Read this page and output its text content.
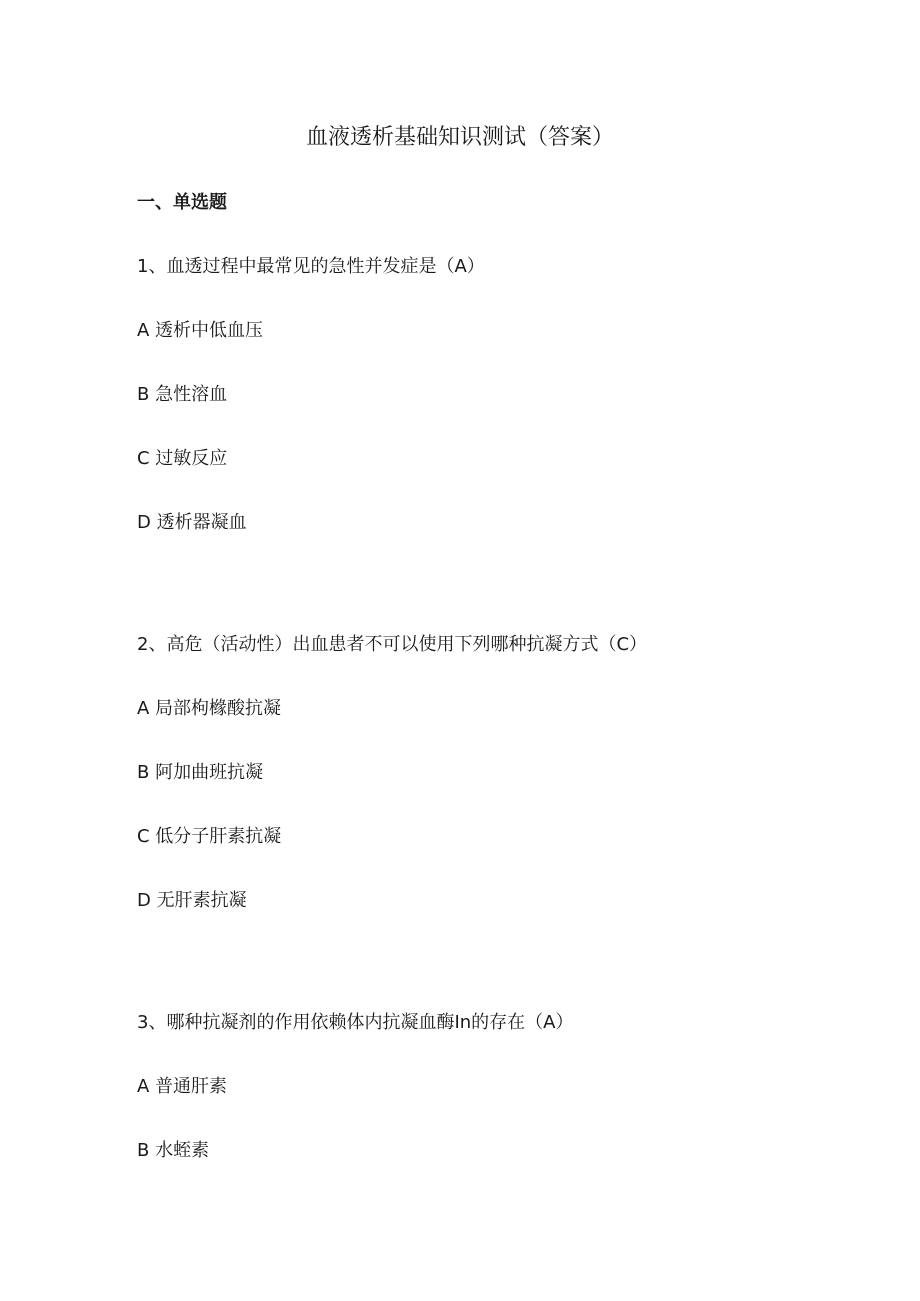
血液透析基础知识测试（答案）
一、单选题
1、血透过程中最常见的急性并发症是（A）
A 透析中低血压
B 急性溶血
C 过敏反应
D 透析器凝血
2、高危（活动性）出血患者不可以使用下列哪种抗凝方式（C）
A 局部枸橼酸抗凝
B 阿加曲班抗凝
C 低分子肝素抗凝
D 无肝素抗凝
3、哪种抗凝剂的作用依赖体内抗凝血酶In的存在（A）
A 普通肝素
B 水蛭素
